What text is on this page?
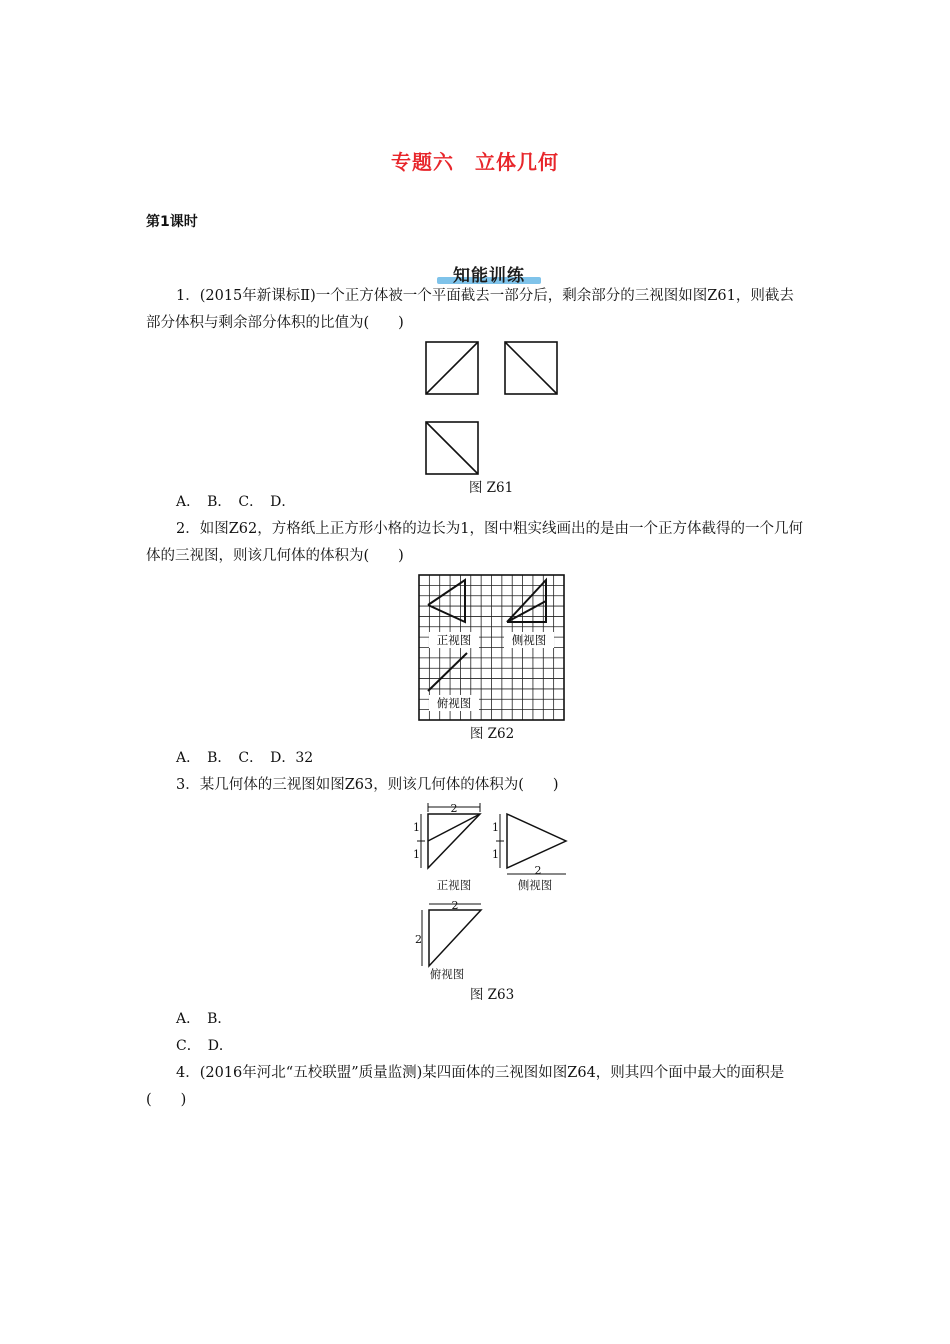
专题六　立体几何
第1课时
知能训练
1．(2015年新课标Ⅱ)一个正方体被一个平面截去一部分后，剩余部分的三视图如图Z61，则截去部分体积与剩余部分体积的比值为(　　)
图 Z61
A．　B．　C．　D．
2．如图Z62，方格纸上正方形小格的边长为1，图中粗实线画出的是由一个正方体截得的一个几何体的三视图，则该几何体的体积为(　　)
正视图	侧视图
俯视图
图 Z62
A．　B．　C．　D．32
3．某几何体的三视图如图Z63，则该几何体的体积为(　　)
2
1
1
正视图
1
1
2
侧视图
2
2
俯视图
图 Z63
A．　B．
C．　D．
4．(2016年河北“五校联盟”质量监测)某四面体的三视图如图Z64，则其四个面中最大的面积是(　　)
